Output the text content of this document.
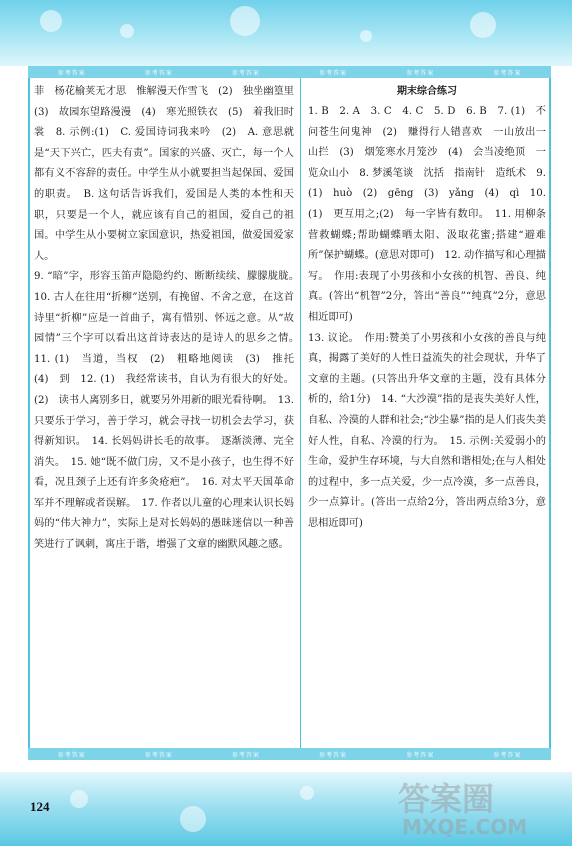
参考答案	参考答案	参考答案	参考答案	参考答案	参考答案

菲　杨花榆荚无才思　惟解漫天作雪飞　(2)　独坐幽篁里　(3)　故园东望路漫漫　(4)　寒光照铁衣　(5)　着我旧时裳　8. 示例:(1)　C. 爱国诗词我来吟　(2)　A. 意思就是“天下兴亡，匹夫有责”。国家的兴盛、灭亡，每一个人都有义不容辞的责任。中学生从小就要担当起保国、爱国的职责。　B. 这句话告诉我们，爱国是人类的本性和天职，只要是一个人，就应该有自己的祖国，爱自己的祖国。中学生从小要树立家国意识，热爱祖国，做爱国爱家人。

9. “暗”字，形容玉笛声隐隐约约、断断续续、朦朦胧胧。　10. 古人在往用“折柳”送别，有挽留、不舍之意，在这首诗里“折柳”应是一首曲子，寓有惜别、怀远之意。从“故园情”三个字可以看出这首诗表达的是诗人的思乡之情。　11. (1)　当道，当权　(2)　粗略地阅读　(3)　推托　(4)　到　12. (1)　我经常读书，自认为有很大的好处。(2)　读书人离别多日，就要另外用新的眼光看待啊。　13. 只要乐于学习，善于学习，就会寻找一切机会去学习，获得新知识。　14. 长妈妈讲长毛的故事。　逐渐淡薄、完全消失。　15. 她“既不做门房，又不是小孩子，也生得不好看，况且颈子上还有许多灸疮疤”。　16. 对太平天国革命军并不理解或者误解。　17. 作者以儿童的心理来认识长妈妈的“伟大神力”，实际上是对长妈妈的愚昧迷信以一种善笑进行了讽刺，寓庄于谐，增强了文章的幽默风趣之感。

期末综合练习

1. B　2. A　3. C　4. C　5. D　6. B　7. (1)　不问苍生问鬼神　(2)　赚得行人错喜欢　一山放出一山拦　(3)　烟笼寒水月笼沙　(4)　会当凌绝顶　一览众山小　8. 梦溪笔谈　沈括　指南针　造纸术　9. (1)　huò　(2)　gēng　(3)　yǎng　(4)　qì　10. (1)　更互用之;(2)　每一字皆有数印。　11. 用柳条营救蝴蝶;帮助蝴蝶晒太阳、汲取花蜜;搭建“避难所”保护蝴蝶。(意思对即可)　12. 动作描写和心理描写。　作用:表现了小男孩和小女孩的机智、善良、纯真。(答出“机智”2分，答出“善良”“纯真”2分，意思相近即可)

13. 议论。　作用:赞美了小男孩和小女孩的善良与纯真，揭露了美好的人性日益流失的社会现状，升华了文章的主题。(只答出升华文章的主题，没有具体分析的，给1分)　14. “大沙漠”指的是丧失美好人性，自私、冷漠的人群和社会;“沙尘暴”指的是人们丧失美好人性，自私、冷漠的行为。　15. 示例:关爱弱小的生命，爱护生存环境，与大自然和谐相处;在与人相处的过程中，多一点关爱，少一点冷漠，多一点善良，少一点算计。(答出一点给2分，答出两点给3分，意思相近即可)

参考答案	参考答案	参考答案	参考答案	参考答案	参考答案
124	答案圈
MXQE.COM
